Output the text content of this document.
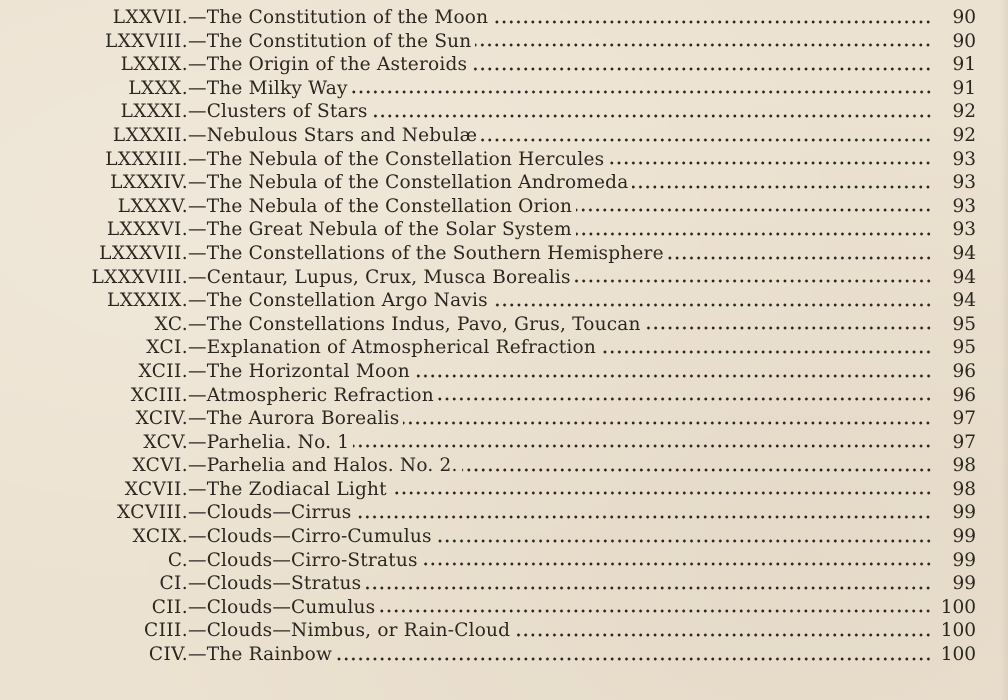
LXXVII. —The Constitution of the Moon	90
LXXVIII. —The Constitution of the Sun	90
LXXIX. —The Origin of the Asteroids	91
LXXX. —The Milky Way	91
LXXXI. —Clusters of Stars	92
LXXXII. —Nebulous Stars and Nebulæ	92
LXXXIII. —The Nebula of the Constellation Hercules	93
LXXXIV. —The Nebula of the Constellation Andromeda	93
LXXXV. —The Nebula of the Constellation Orion	93
LXXXVI. —The Great Nebula of the Solar System	93
LXXXVII. —The Constellations of the Southern Hemisphere	94
LXXXVIII. —Centaur, Lupus, Crux, Musca Borealis	94
LXXXIX. —The Constellation Argo Navis	94
XC. —The Constellations Indus, Pavo, Grus, Toucan	95
XCI. —Explanation of Atmospherical Refraction	95
XCII. —The Horizontal Moon	96
XCIII. —Atmospheric Refraction	96
XCIV. —The Aurora Borealis	97
XCV. —Parhelia. No. 1	97
XCVI. —Parhelia and Halos. No. 2.	98
XCVII. —The Zodiacal Light	98
XCVIII. —Clouds—Cirrus	99
XCIX. —Clouds—Cirro-Cumulus	99
C. —Clouds—Cirro-Stratus	99
CI. —Clouds—Stratus	99
CII. —Clouds—Cumulus	100
CIII. —Clouds—Nimbus, or Rain-Cloud	100
CIV. —The Rainbow	100
